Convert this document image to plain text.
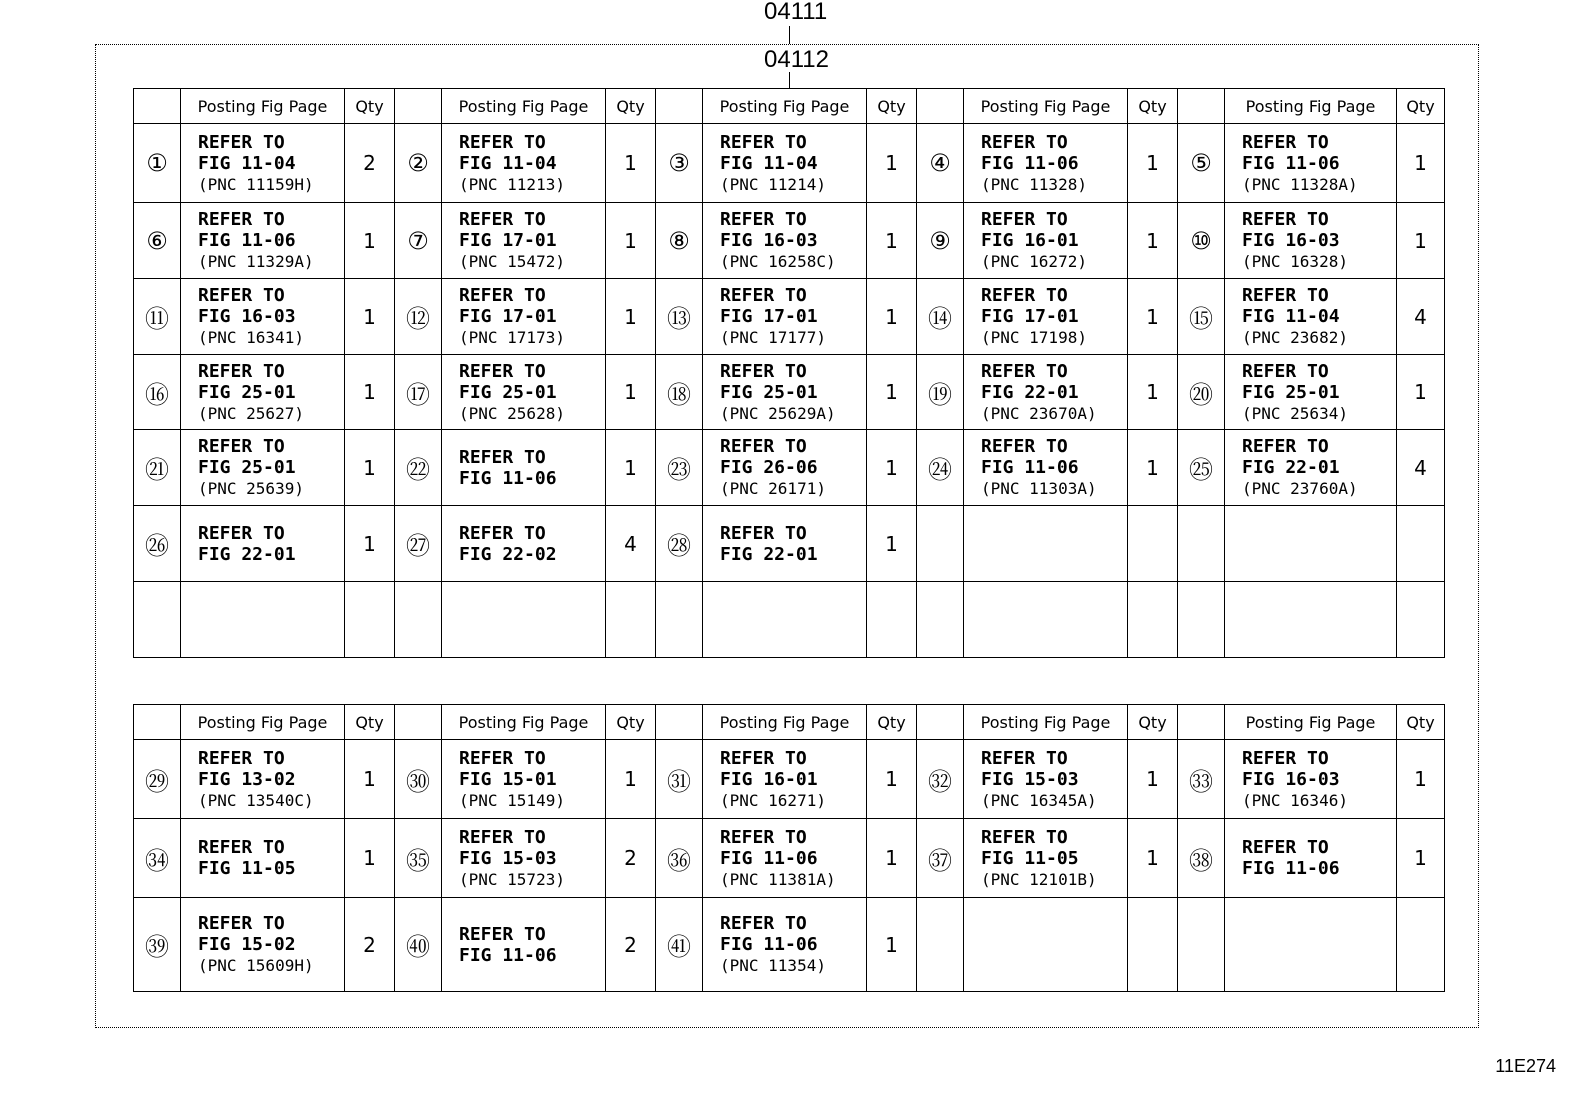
04111
04112
	Posting Fig Page	Qty		Posting Fig Page	Qty		Posting Fig Page	Qty		Posting Fig Page	Qty		Posting Fig Page	Qty
①	REFER TO
FIG 11-04
(PNC 11159H)	2	②	REFER TO
FIG 11-04
(PNC 11213)	1	③	REFER TO
FIG 11-04
(PNC 11214)	1	④	REFER TO
FIG 11-06
(PNC 11328)	1	⑤	REFER TO
FIG 11-06
(PNC 11328A)	1
⑥	REFER TO
FIG 11-06
(PNC 11329A)	1	⑦	REFER TO
FIG 17-01
(PNC 15472)	1	⑧	REFER TO
FIG 16-03
(PNC 16258C)	1	⑨	REFER TO
FIG 16-01
(PNC 16272)	1	⑩	REFER TO
FIG 16-03
(PNC 16328)	1
⑪	REFER TO
FIG 16-03
(PNC 16341)	1	⑫	REFER TO
FIG 17-01
(PNC 17173)	1	⑬	REFER TO
FIG 17-01
(PNC 17177)	1	⑭	REFER TO
FIG 17-01
(PNC 17198)	1	⑮	REFER TO
FIG 11-04
(PNC 23682)	4
⑯	REFER TO
FIG 25-01
(PNC 25627)	1	⑰	REFER TO
FIG 25-01
(PNC 25628)	1	⑱	REFER TO
FIG 25-01
(PNC 25629A)	1	⑲	REFER TO
FIG 22-01
(PNC 23670A)	1	⑳	REFER TO
FIG 25-01
(PNC 25634)	1
㉑	REFER TO
FIG 25-01
(PNC 25639)	1	㉒	REFER TO
FIG 11-06	1	㉓	REFER TO
FIG 26-06
(PNC 26171)	1	㉔	REFER TO
FIG 11-06
(PNC 11303A)	1	㉕	REFER TO
FIG 22-01
(PNC 23760A)	4
㉖	REFER TO
FIG 22-01	1	㉗	REFER TO
FIG 22-02	4	㉘	REFER TO
FIG 22-01	1						

	Posting Fig Page	Qty		Posting Fig Page	Qty		Posting Fig Page	Qty		Posting Fig Page	Qty		Posting Fig Page	Qty
㉙	REFER TO
FIG 13-02
(PNC 13540C)	1	㉚	REFER TO
FIG 15-01
(PNC 15149)	1	㉛	REFER TO
FIG 16-01
(PNC 16271)	1	㉜	REFER TO
FIG 15-03
(PNC 16345A)	1	㉝	REFER TO
FIG 16-03
(PNC 16346)	1
㉞	REFER TO
FIG 11-05	1	㉟	REFER TO
FIG 15-03
(PNC 15723)	2	㊱	REFER TO
FIG 11-06
(PNC 11381A)	1	㊲	REFER TO
FIG 11-05
(PNC 12101B)	1	㊳	REFER TO
FIG 11-06	1
㊴	REFER TO
FIG 15-02
(PNC 15609H)	2	㊵	REFER TO
FIG 11-06	2	㊶	REFER TO
FIG 11-06
(PNC 11354)	1						
11E274
